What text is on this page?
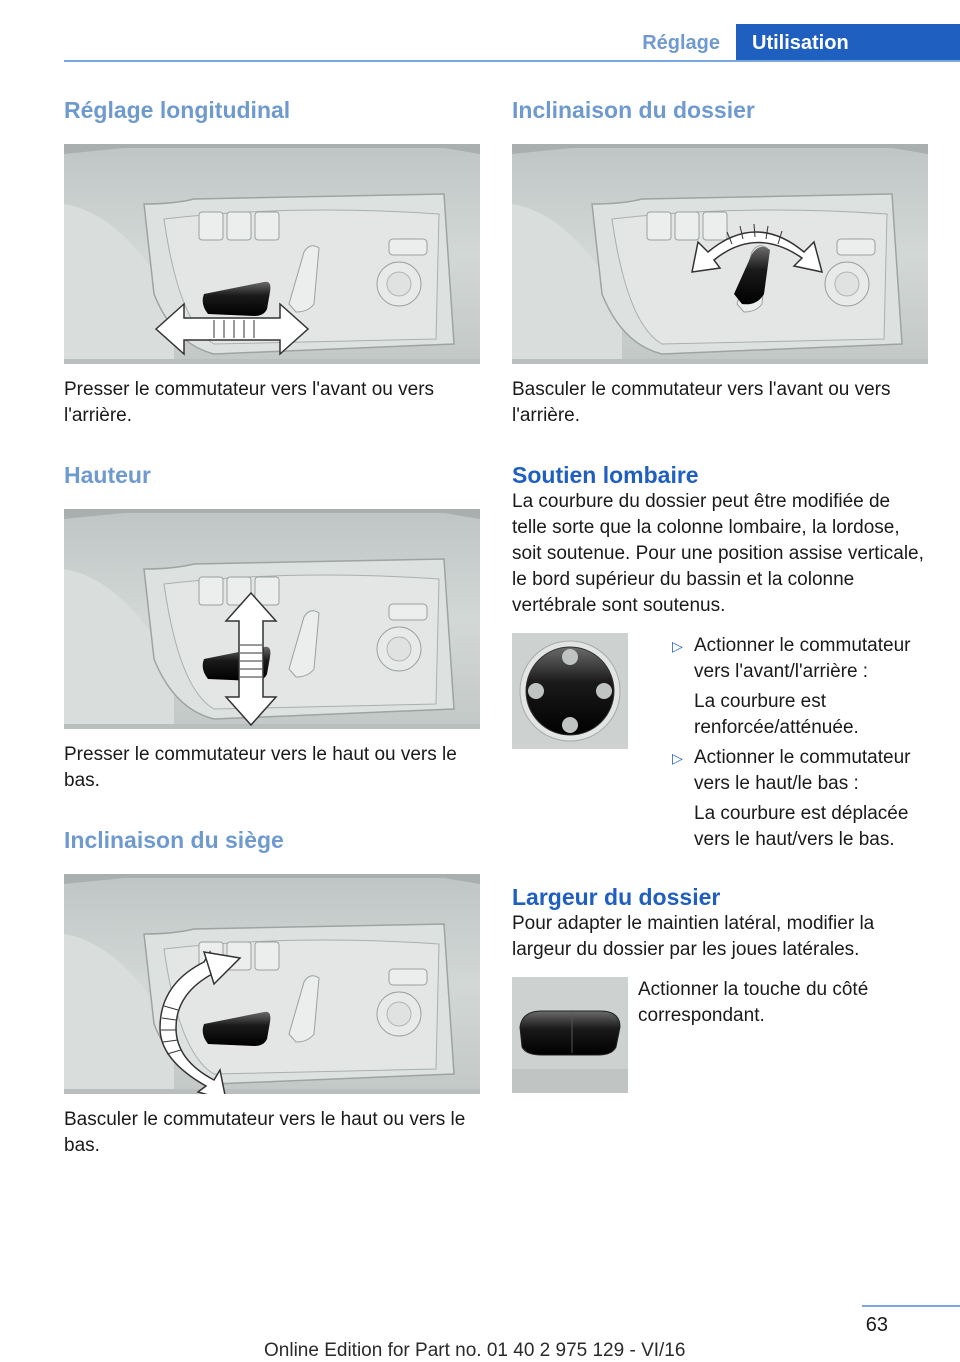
Réglage	Utilisation
Réglage longitudinal

Presser le commutateur vers l'avant ou vers l'arrière.

Hauteur

Presser le commutateur vers le haut ou vers le bas.

Inclinaison du siège

Basculer le commutateur vers le haut ou vers le bas.

Inclinaison du dossier

Basculer le commutateur vers l'avant ou vers l'arrière.

Soutien lombaire

La courbure du dossier peut être modifiée de telle sorte que la colonne lombaire, la lordose, soit soutenue. Pour une position assise verticale, le bord supérieur du bassin et la colonne vertébrale sont soutenus.

▷ Actionner le commutateur vers l'avant/l'arrière :

La courbure est renforcée/atténuée.

▷ Actionner le commutateur vers le haut/le bas :

La courbure est déplacée vers le haut/vers le bas.

Largeur du dossier

Pour adapter le maintien latéral, modifier la largeur du dossier par les joues latérales.

Actionner la touche du côté correspondant.

63
Online Edition for Part no. 01 40 2 975 129 - VI/16
